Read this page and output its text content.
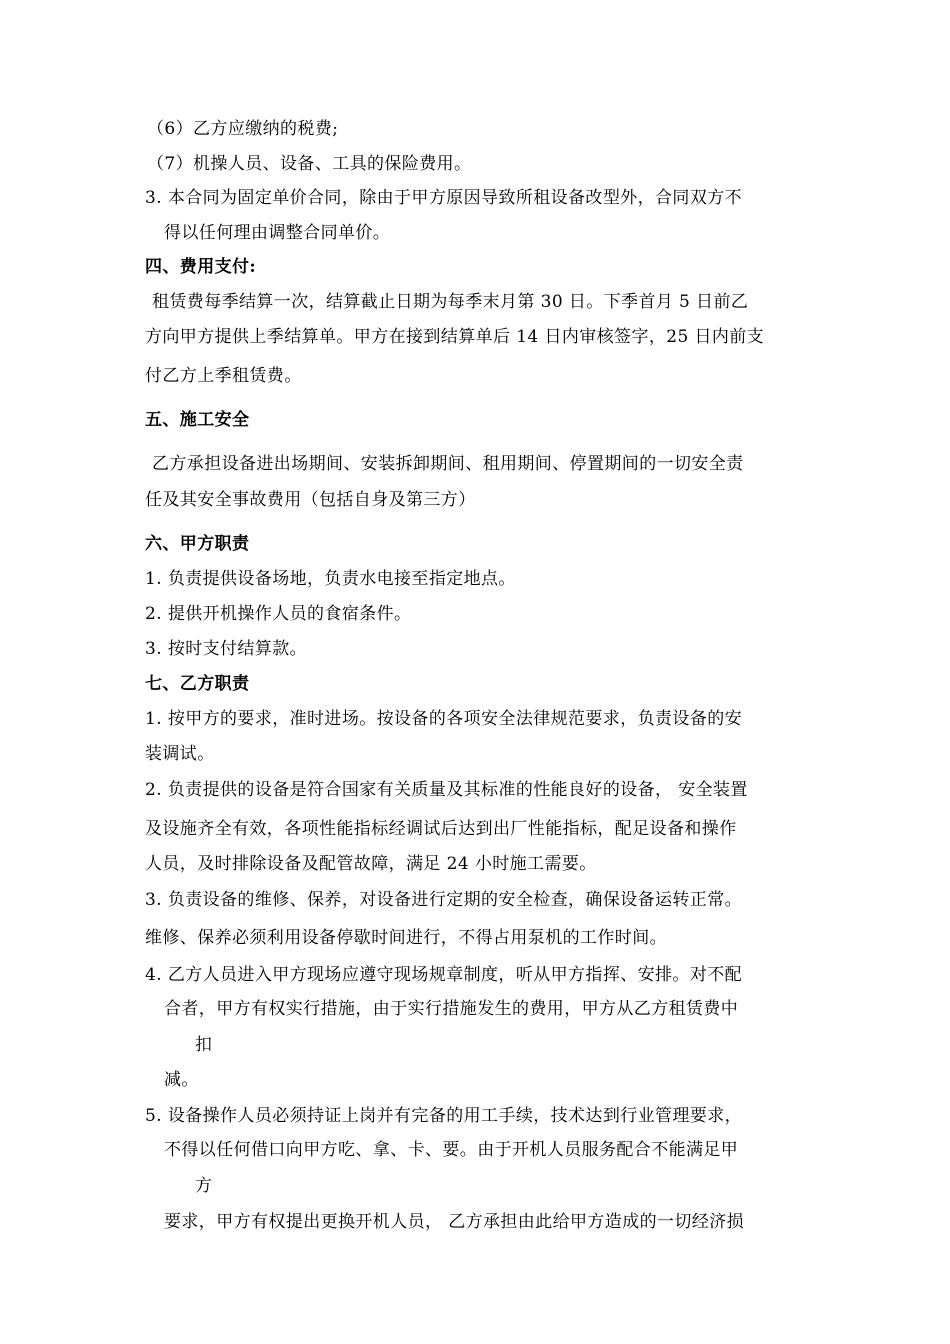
（6）乙方应缴纳的税费;
（7）机操人员、设备、工具的保险费用。
3. 本合同为固定单价合同，除由于甲方原因导致所租设备改型外，合同双方不
得以任何理由调整合同单价。
四、费用支付:
租赁费每季结算一次，结算截止日期为每季末月第 30 日。下季首月 5 日前乙
方向甲方提供上季结算单。甲方在接到结算单后 14 日内审核签字，25 日内前支
付乙方上季租赁费。
五、施工安全
乙方承担设备进出场期间、安装拆卸期间、租用期间、停置期间的一切安全责
任及其安全事故费用（包括自身及第三方）
六、甲方职责
1. 负责提供设备场地，负责水电接至指定地点。
2. 提供开机操作人员的食宿条件。
3. 按时支付结算款。
七、乙方职责
1. 按甲方的要求，准时进场。按设备的各项安全法律规范要求，负责设备的安
装调试。
2. 负责提供的设备是符合国家有关质量及其标准的性能良好的设备， 安全装置
及设施齐全有效，各项性能指标经调试后达到出厂性能指标，配足设备和操作
人员，及时排除设备及配管故障，满足 24 小时施工需要。
3. 负责设备的维修、保养，对设备进行定期的安全检查，确保设备运转正常。
维修、保养必须利用设备停歇时间进行，不得占用泵机的工作时间。
4. 乙方人员进入甲方现场应遵守现场规章制度，听从甲方指挥、安排。对不配
合者，甲方有权实行措施，由于实行措施发生的费用，甲方从乙方租赁费中
扣
减。
5. 设备操作人员必须持证上岗并有完备的用工手续，技术达到行业管理要求，
不得以任何借口向甲方吃、拿、卡、要。由于开机人员服务配合不能满足甲
方
要求，甲方有权提出更换开机人员， 乙方承担由此给甲方造成的一切经济损
